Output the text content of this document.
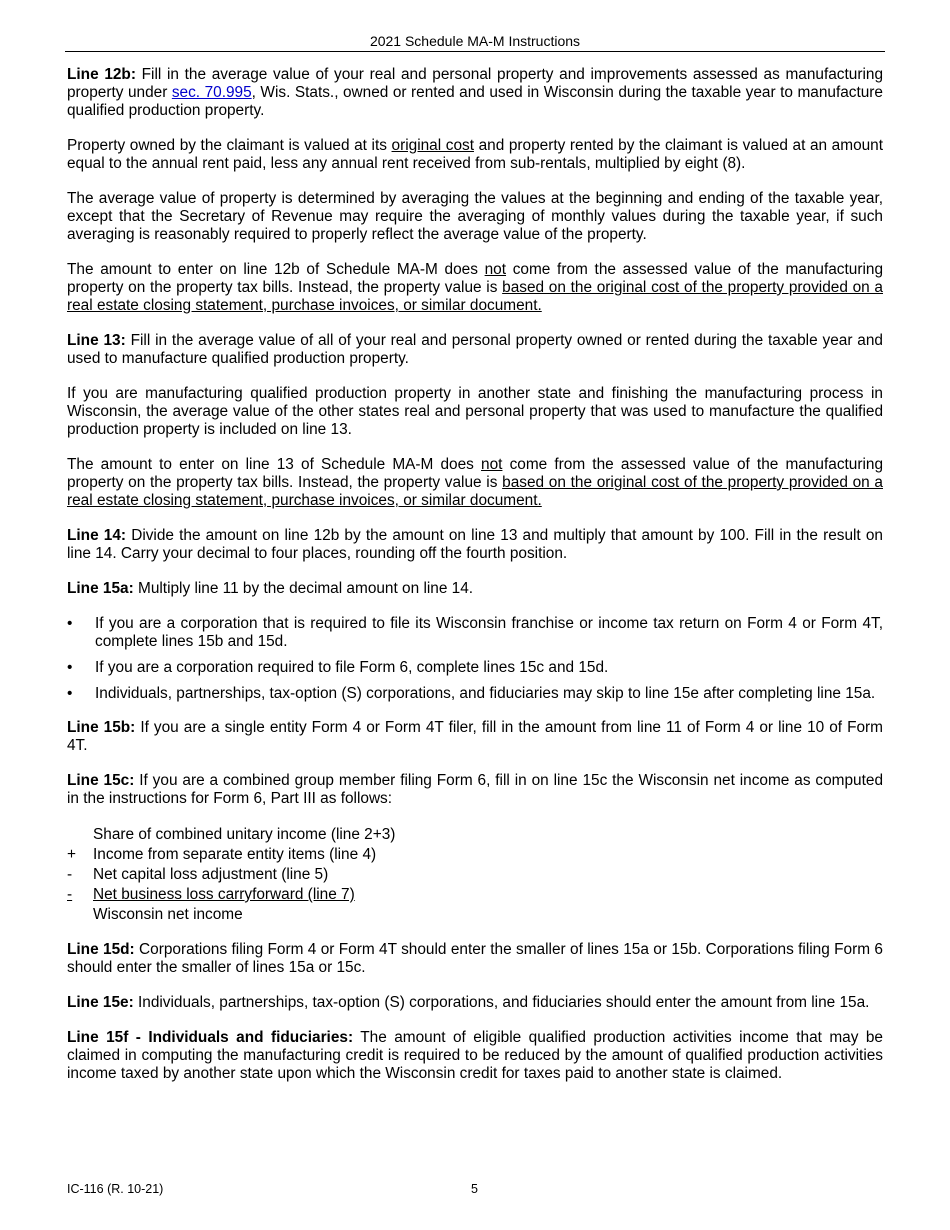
2021 Schedule MA-M Instructions

Line 12b: Fill in the average value of your real and personal property and improvements assessed as manufacturing property under sec. 70.995, Wis. Stats., owned or rented and used in Wisconsin during the taxable year to manufacture qualified production property.

Property owned by the claimant is valued at its original cost and property rented by the claimant is valued at an amount equal to the annual rent paid, less any annual rent received from sub-rentals, multiplied by eight (8).

The average value of property is determined by averaging the values at the beginning and ending of the taxable year, except that the Secretary of Revenue may require the averaging of monthly values during the taxable year, if such averaging is reasonably required to properly reflect the average value of the property.

The amount to enter on line 12b of Schedule MA-M does not come from the assessed value of the manufacturing property on the property tax bills. Instead, the property value is based on the original cost of the property provided on a real estate closing statement, purchase invoices, or similar document.

Line 13: Fill in the average value of all of your real and personal property owned or rented during the taxable year and used to manufacture qualified production property.

If you are manufacturing qualified production property in another state and finishing the manufacturing process in Wisconsin, the average value of the other states real and personal property that was used to manufacture the qualified production property is included on line 13.

The amount to enter on line 13 of Schedule MA-M does not come from the assessed value of the manufacturing property on the property tax bills. Instead, the property value is based on the original cost of the property provided on a real estate closing statement, purchase invoices, or similar document.

Line 14: Divide the amount on line 12b by the amount on line 13 and multiply that amount by 100. Fill in the result on line 14. Carry your decimal to four places, rounding off the fourth position.

Line 15a: Multiply line 11 by the decimal amount on line 14.

• If you are a corporation that is required to file its Wisconsin franchise or income tax return on Form 4 or Form 4T, complete lines 15b and 15d.
• If you are a corporation required to file Form 6, complete lines 15c and 15d.
• Individuals, partnerships, tax-option (S) corporations, and fiduciaries may skip to line 15e after completing line 15a.

Line 15b: If you are a single entity Form 4 or Form 4T filer, fill in the amount from line 11 of Form 4 or line 10 of Form 4T.

Line 15c: If you are a combined group member filing Form 6, fill in on line 15c the Wisconsin net income as computed in the instructions for Form 6, Part III as follows:

Share of combined unitary income (line 2+3)
+ Income from separate entity items (line 4)
- Net capital loss adjustment (line 5)
- Net business loss carryforward (line 7)
Wisconsin net income

Line 15d: Corporations filing Form 4 or Form 4T should enter the smaller of lines 15a or 15b. Corporations filing Form 6 should enter the smaller of lines 15a or 15c.

Line 15e: Individuals, partnerships, tax-option (S) corporations, and fiduciaries should enter the amount from line 15a.

Line 15f - Individuals and fiduciaries: The amount of eligible qualified production activities income that may be claimed in computing the manufacturing credit is required to be reduced by the amount of qualified production activities income taxed by another state upon which the Wisconsin credit for taxes paid to another state is claimed.

IC-116 (R. 10-21)	5
